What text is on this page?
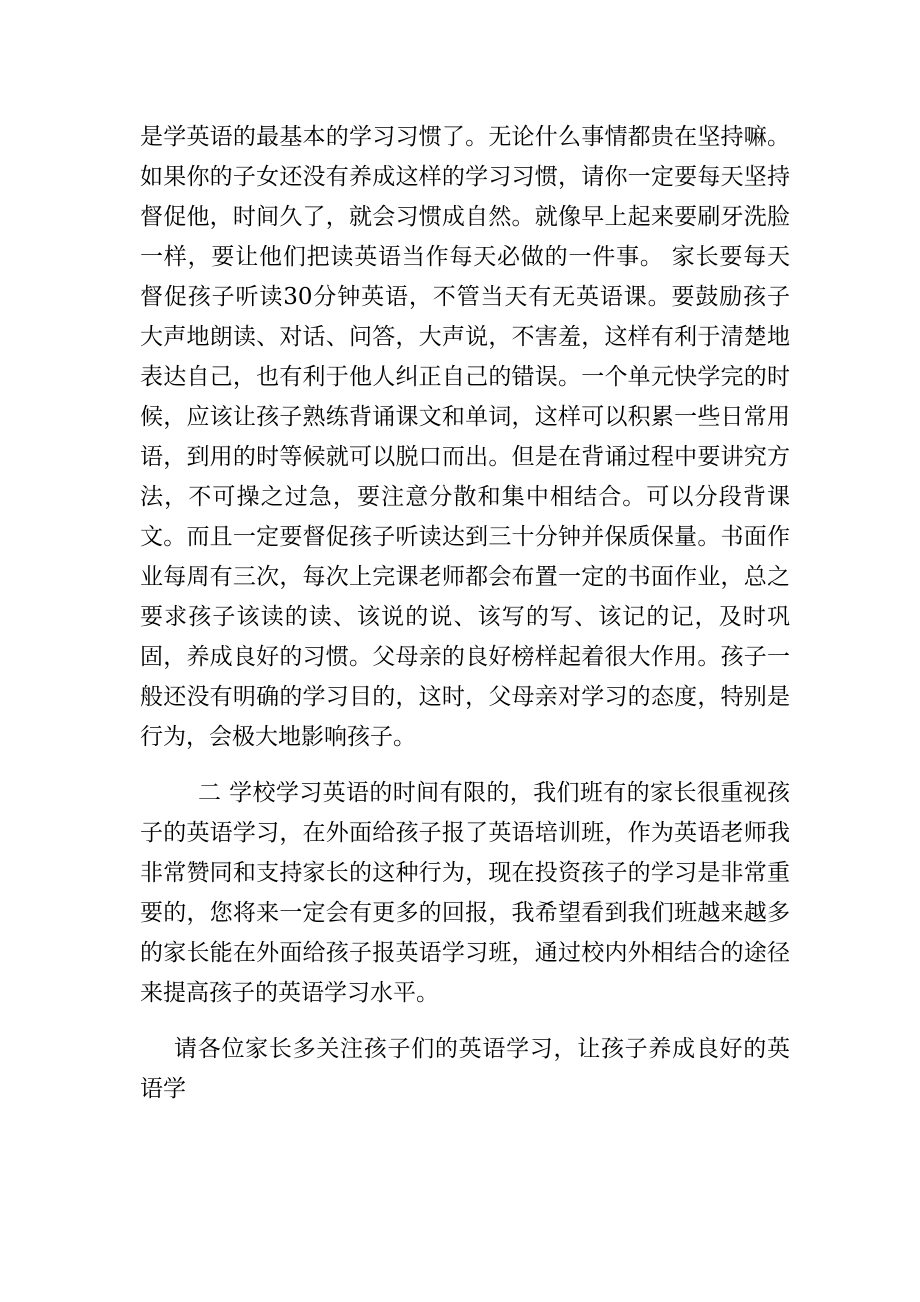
是学英语的最基本的学习习惯了。无论什么事情都贵在坚持嘛。如果你的子女还没有养成这样的学习习惯，请你一定要每天坚持督促他，时间久了，就会习惯成自然。就像早上起来要刷牙洗脸一样，要让他们把读英语当作每天必做的一件事。 家长要每天督促孩子听读30分钟英语，不管当天有无英语课。要鼓励孩子大声地朗读、对话、问答，大声说，不害羞，这样有利于清楚地表达自己，也有利于他人纠正自己的错误。一个单元快学完的时候，应该让孩子熟练背诵课文和单词，这样可以积累一些日常用语，到用的时等候就可以脱口而出。但是在背诵过程中要讲究方法，不可操之过急，要注意分散和集中相结合。可以分段背课文。而且一定要督促孩子听读达到三十分钟并保质保量。书面作业每周有三次，每次上完课老师都会布置一定的书面作业，总之要求孩子该读的读、该说的说、该写的写、该记的记，及时巩固，养成良好的习惯。父母亲的良好榜样起着很大作用。孩子一般还没有明确的学习目的，这时，父母亲对学习的态度，特别是行为，会极大地影响孩子。

二 学校学习英语的时间有限的，我们班有的家长很重视孩子的英语学习，在外面给孩子报了英语培训班，作为英语老师我非常赞同和支持家长的这种行为，现在投资孩子的学习是非常重要的，您将来一定会有更多的回报，我希望看到我们班越来越多的家长能在外面给孩子报英语学习班，通过校内外相结合的途径来提高孩子的英语学习水平。

请各位家长多关注孩子们的英语学习，让孩子养成良好的英语学
